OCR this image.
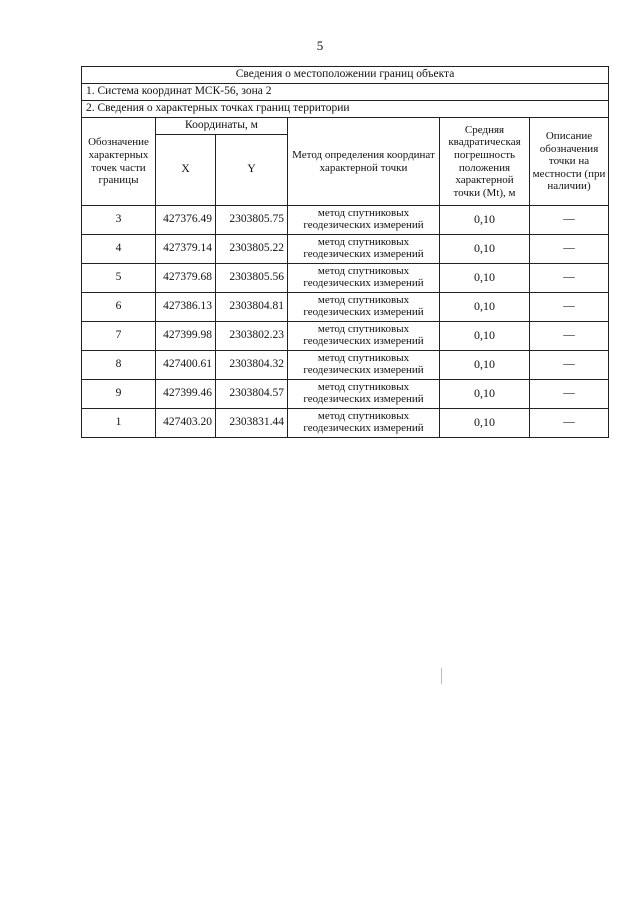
5
Сведения о местоположении границ объекта					
1. Система координат МСК-56, зона 2					
2. Сведения о характерных точках границ территории					
Обозначение характерных точек части границы	Координаты, м		Метод определения координат характерной точки	Средняя квадратическая погрешность положения характерной точки (Mt), м	Описание обозначения точки на местности (при наличии)
	X	Y			
3	427376.49	2303805.75	метод спутниковых геодезических измерений	0,10	—
4	427379.14	2303805.22	метод спутниковых геодезических измерений	0,10	—
5	427379.68	2303805.56	метод спутниковых геодезических измерений	0,10	—
6	427386.13	2303804.81	метод спутниковых геодезических измерений	0,10	—
7	427399.98	2303802.23	метод спутниковых геодезических измерений	0,10	—
8	427400.61	2303804.32	метод спутниковых геодезических измерений	0,10	—
9	427399.46	2303804.57	метод спутниковых геодезических измерений	0,10	—
1	427403.20	2303831.44	метод спутниковых геодезических измерений	0,10	—
